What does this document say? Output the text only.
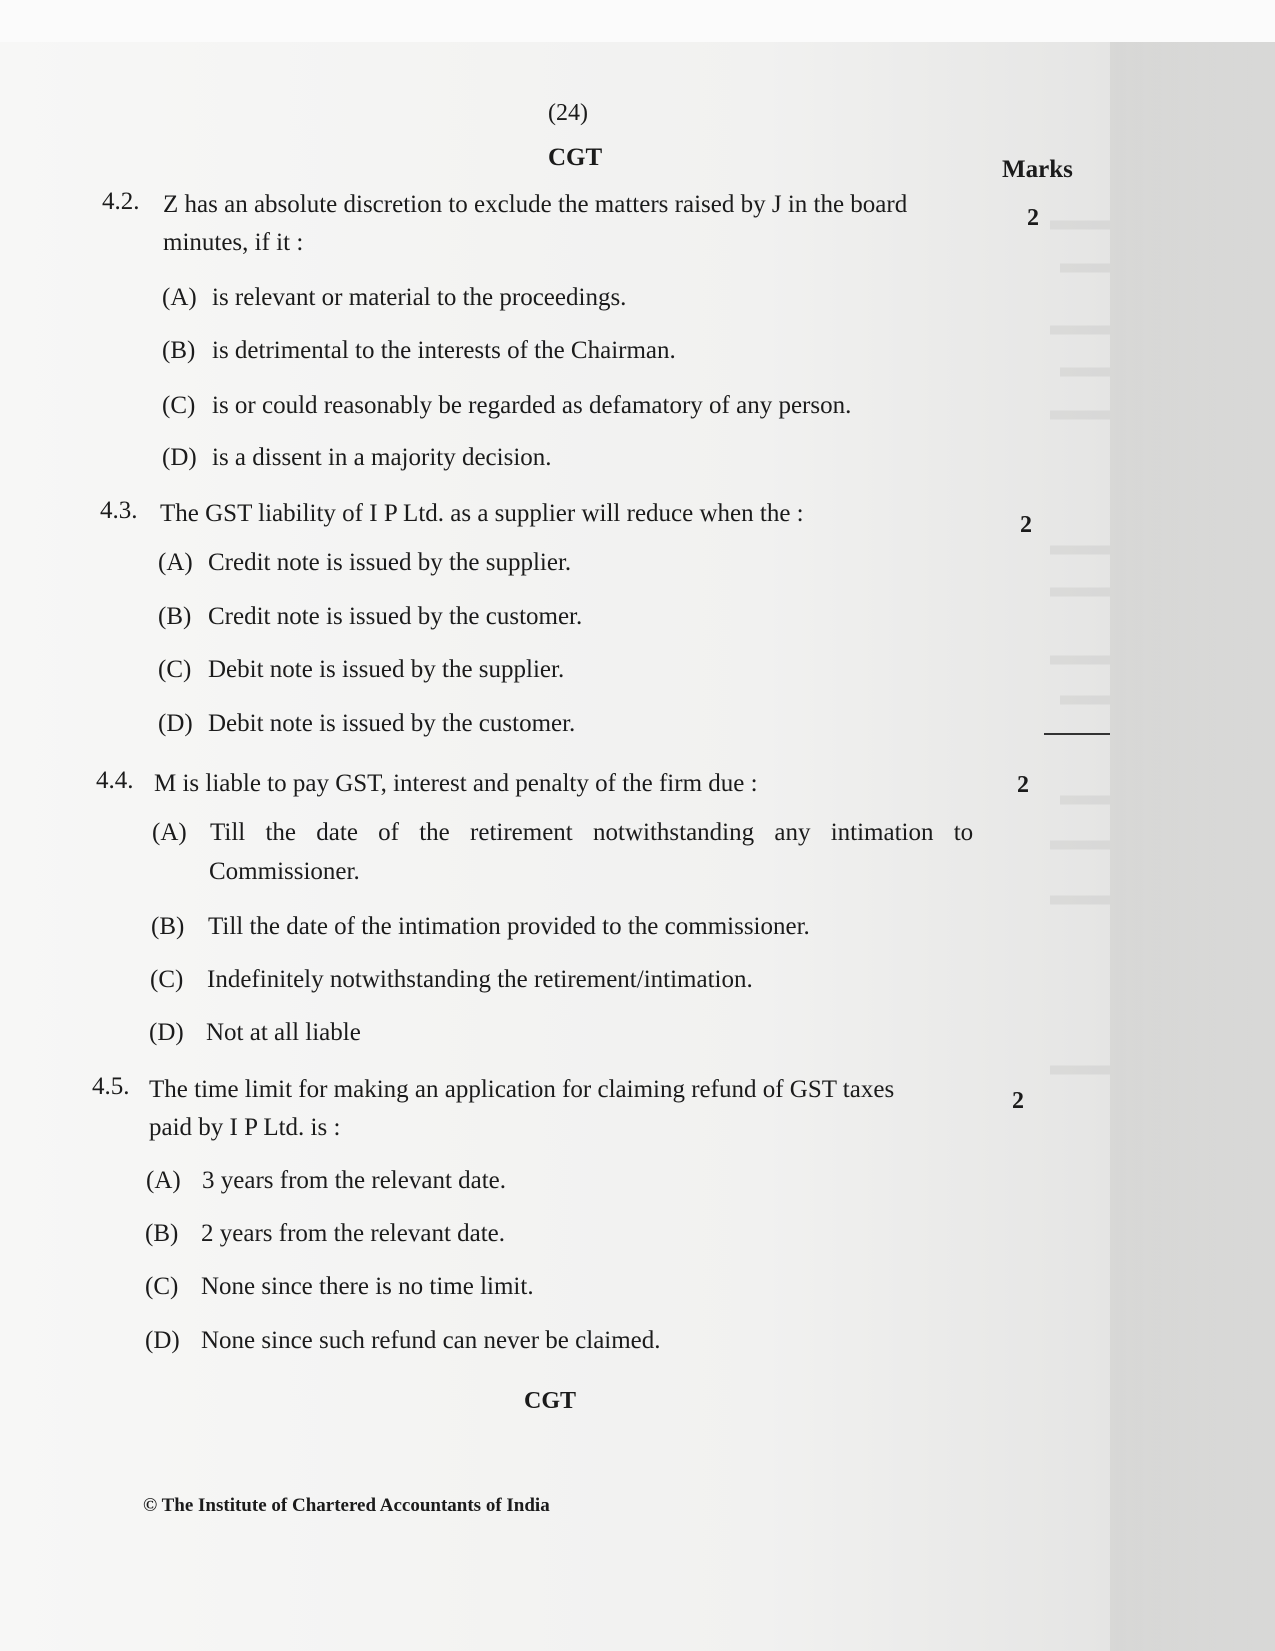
(24)
CGT	Marks
4.2. Z has an absolute discretion to exclude the matters raised by J in the board minutes, if it :
2
(A) is relevant or material to the proceedings.
(B) is detrimental to the interests of the Chairman.
(C) is or could reasonably be regarded as defamatory of any person.
(D) is a dissent in a majority decision.
4.3. The GST liability of I P Ltd. as a supplier will reduce when the :	2
(A) Credit note is issued by the supplier.
(B) Credit note is issued by the customer.
(C) Debit note is issued by the supplier.
(D) Debit note is issued by the customer.
4.4. M is liable to pay GST, interest and penalty of the firm due :	2
(A) Till the date of the retirement notwithstanding any intimation to
Commissioner.
(B) Till the date of the intimation provided to the commissioner.
(C) Indefinitely notwithstanding the retirement/intimation.
(D) Not at all liable
4.5. The time limit for making an application for claiming refund of GST taxes paid by I P Ltd. is :
2
(A) 3 years from the relevant date.
(B) 2 years from the relevant date.
(C) None since there is no time limit.
(D) None since such refund can never be claimed.
CGT
© The Institute of Chartered Accountants of India
